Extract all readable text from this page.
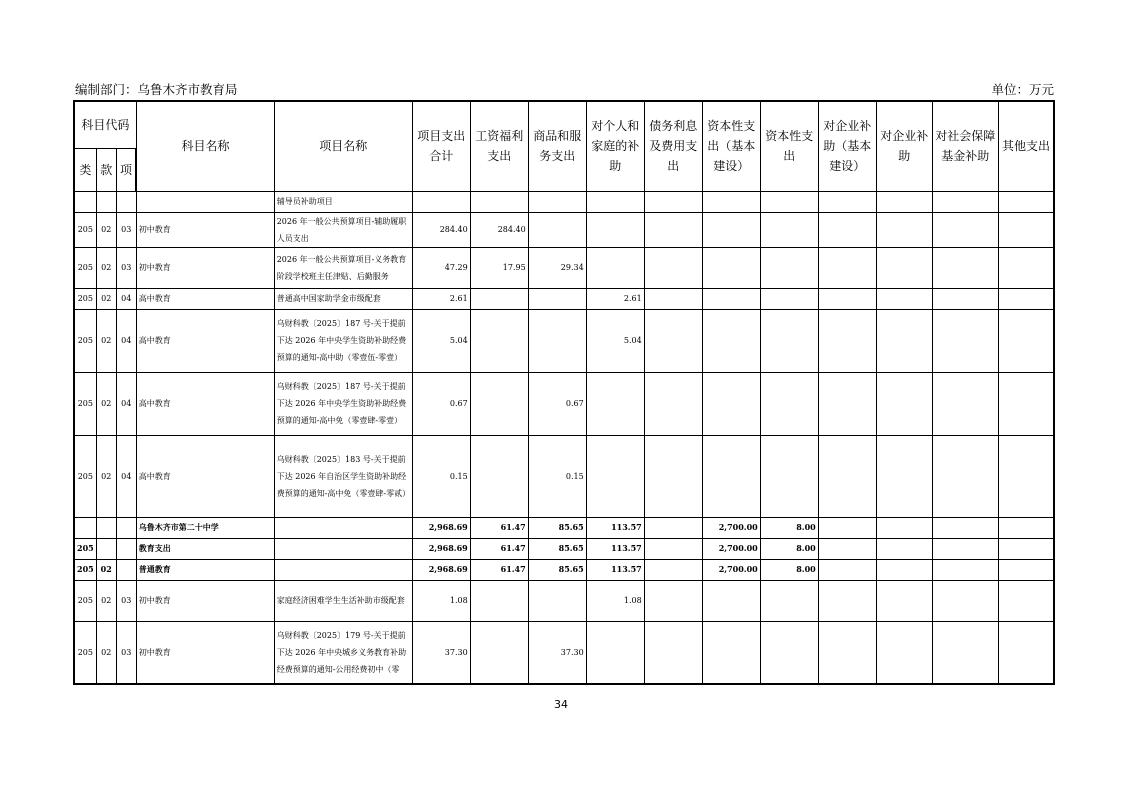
编制部门：乌鲁木齐市教育局	单位：万元
科目代码			科目名称	项目名称	项目支出合计	工资福利支出	商品和服务支出	对个人和家庭的补助	债务利息及费用支出	资本性支出（基本建设）	资本性支出	对企业补助（基本建设）	对企业补助	对社会保障基金补助	其他支出
类	款	项													
				辅导员补助项目											
205	02	03	初中教育	2026 年一般公共预算项目-辅助履职人员支出	284.40	284.40									
205	02	03	初中教育	2026 年一般公共预算项目-义务教育阶段学校班主任津贴、后勤服务	47.29	17.95	29.34								
205	02	04	高中教育	普通高中国家助学金市级配套	2.61			2.61							
205	02	04	高中教育	乌财科教〔2025〕187 号-关于提前下达 2026 年中央学生资助补助经费预算的通知-高中助（零壹伍-零壹）	5.04			5.04							
205	02	04	高中教育	乌财科教〔2025〕187 号-关于提前下达 2026 年中央学生资助补助经费预算的通知-高中免（零壹肆-零壹）	0.67		0.67								
205	02	04	高中教育	乌财科教〔2025〕183 号-关于提前下达 2026 年自治区学生资助补助经费预算的通知-高中免（零壹肆-零贰）	0.15		0.15								
			乌鲁木齐市第二十中学		2,968.69	61.47	85.65	113.57		2,700.00	8.00				
205			教育支出		2,968.69	61.47	85.65	113.57		2,700.00	8.00				
205	02		普通教育		2,968.69	61.47	85.65	113.57		2,700.00	8.00				
205	02	03	初中教育	家庭经济困难学生生活补助市级配套	1.08			1.08							
205	02	03	初中教育	乌财科教〔2025〕179 号-关于提前下达 2026 年中央城乡义务教育补助经费预算的通知-公用经费初中（零	37.30		37.30								
34
